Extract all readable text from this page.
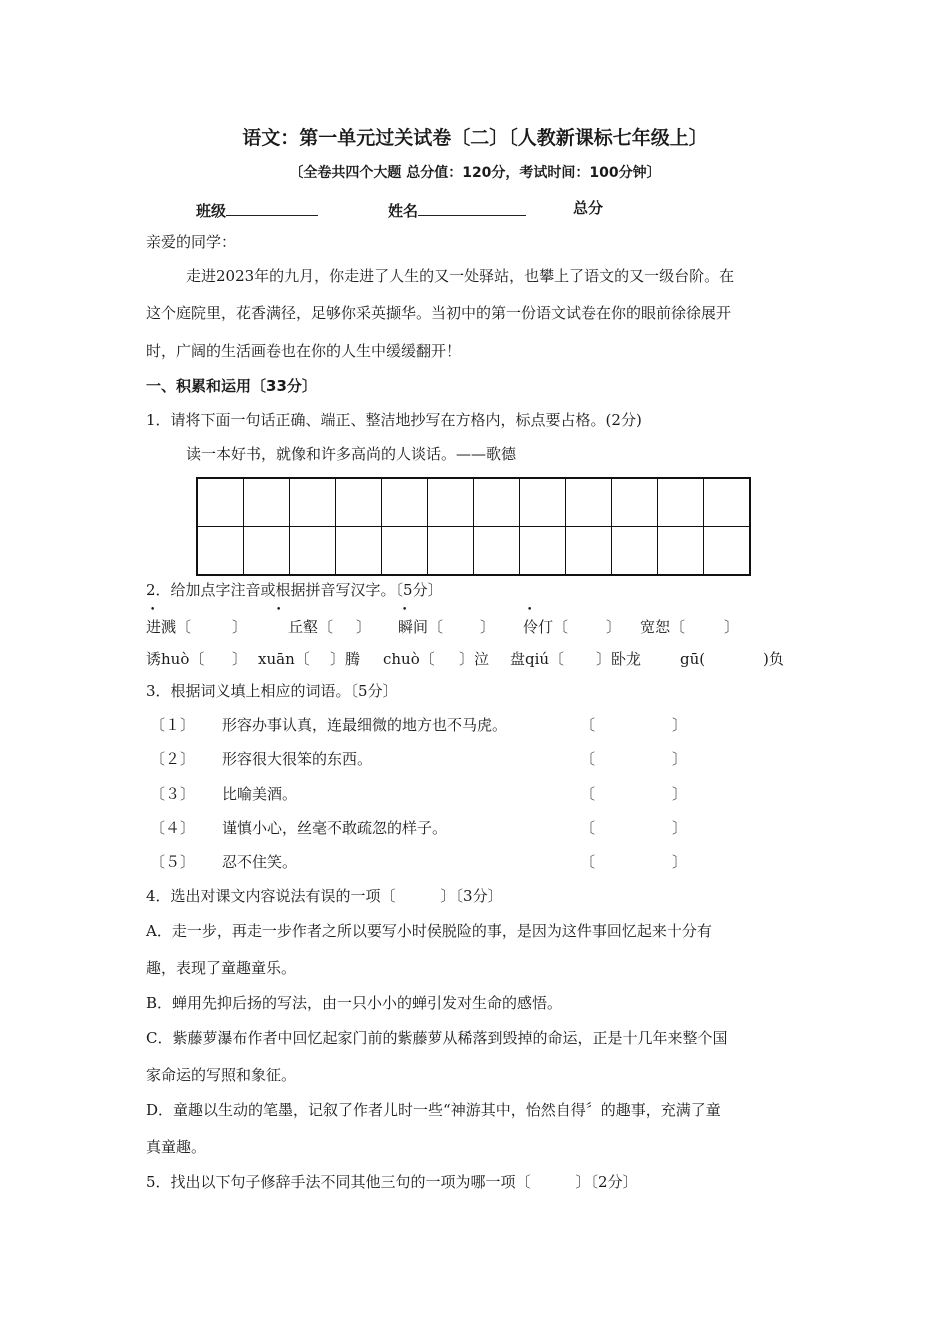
语文：第一单元过关试卷〔二〕〔人教新课标七年级上〕
〔全卷共四个大题 总分值：120分，考试时间：100分钟〕
班级	姓名	总分
亲爱的同学：
走进2023年的九月，你走进了人生的又一处驿站，也攀上了语文的又一级台阶。在
这个庭院里，花香满径，足够你采英撷华。当初中的第一份语文试卷在你的眼前徐徐展开
时，广阔的生活画卷也在你的人生中缓缓翻开！
一、积累和运用〔33分〕
1．请将下面一句话正确、端正、整洁地抄写在方格内，标点要占格。(2分)
读一本好书，就像和许多高尚的人谈话。——歌德

2．给加点字注音或根据拼音写汉字。〔5分〕
• 进溅〔	〕	• 丘壑〔 〕 • 瞬间〔 〕 • 伶仃〔	〕 宽恕〔	〕
诱huò〔 〕 xuān〔 〕腾 chuò〔 〕泣 盘qiú〔 〕卧龙	gū(	)负
3．根据词义填上相应的词语。〔5分〕
〔１〕 形容办事认真，连最细微的地方也不马虎。	〔	〕
〔２〕 形容很大很笨的东西。	〔	〕
〔３〕 比喻美酒。	〔	〕
〔４〕 谨慎小心，丝毫不敢疏忽的样子。	〔	〕
〔５〕 忍不住笑。	〔	〕
4．选出对课文内容说法有误的一项〔　　　〕〔3分〕
A．走一步，再走一步作者之所以要写小时侯脱险的事，是因为这件事回忆起来十分有
趣，表现了童趣童乐。
B．蝉用先抑后扬的写法，由一只小小的蝉引发对生命的感悟。
C．紫藤萝瀑布作者中回忆起家门前的紫藤萝从稀落到毁掉的命运，正是十几年来整个国
家命运的写照和象征。
D．童趣以生动的笔墨，记叙了作者儿时一些“神游其中，怡然自得〞的趣事，充满了童
真童趣。
5．找出以下句子修辞手法不同其他三句的一项为哪一项〔　　　〕〔2分〕
